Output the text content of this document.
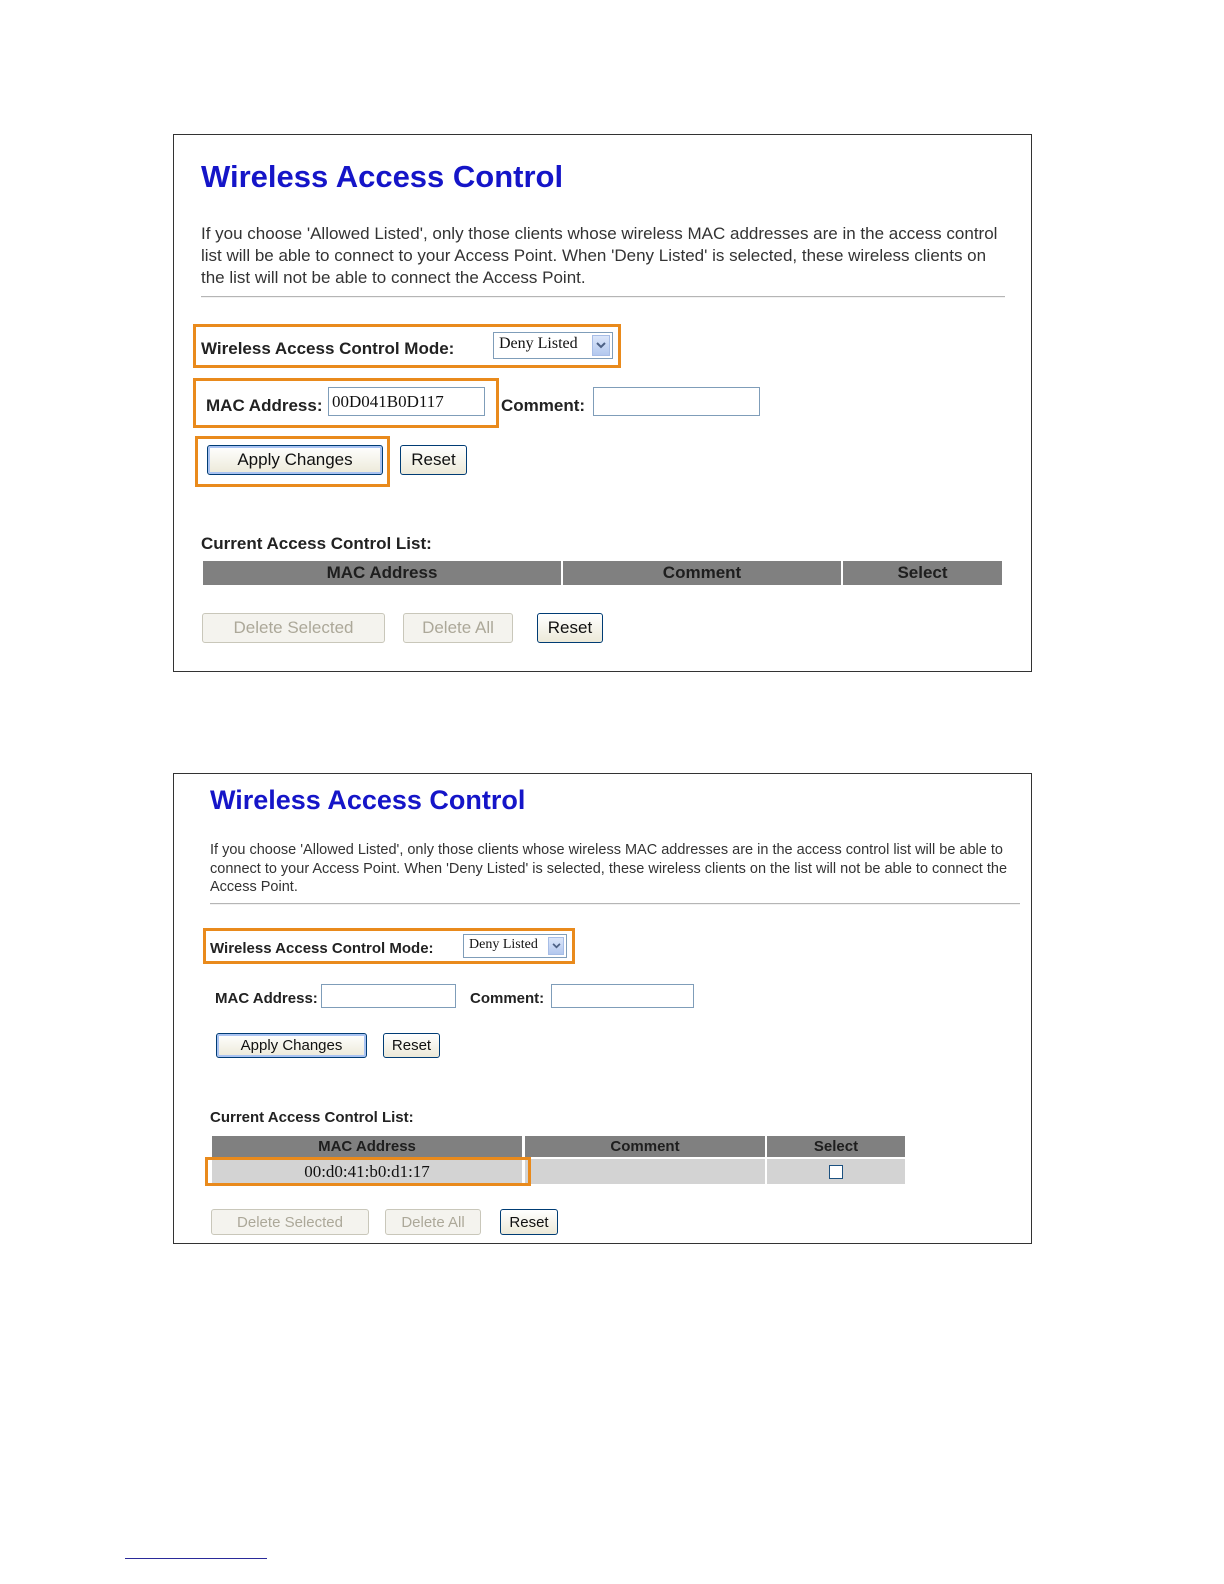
Wireless Access Control
If you choose 'Allowed Listed', only those clients whose wireless MAC addresses are in the access control list will be able to connect to your Access Point. When 'Deny Listed' is selected, these wireless clients on the list will not be able to connect the Access Point.
Wireless Access Control Mode:	Deny Listed
MAC Address: 00D041B0D117	Comment:
Apply Changes	Reset
Current Access Control List:
MAC Address	Comment	Select
Delete Selected	Delete All	Reset
Wireless Access Control
If you choose 'Allowed Listed', only those clients whose wireless MAC addresses are in the access control list will be able to connect to your Access Point. When 'Deny Listed' is selected, these wireless clients on the list will not be able to connect the Access Point.
Wireless Access Control Mode:	Deny Listed
MAC Address:	Comment:
Apply Changes	Reset
Current Access Control List:
MAC Address	Comment	Select
00:d0:41:b0:d1:17
Delete Selected	Delete All	Reset
